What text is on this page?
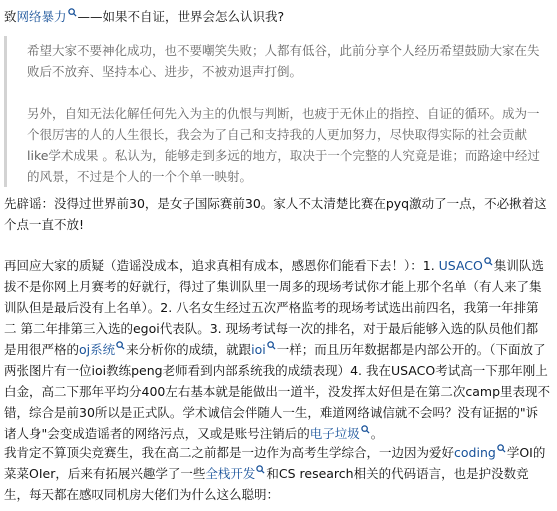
致网络暴力 ——如果不自证，世界会怎么认识我?

希望大家不要神化成功，也不要嘲笑失败；人都有低谷，此前分享个人经历希望鼓励大家在失败后不放弃、坚持本心、进步，不被劝退声打倒。

另外，自知无法化解任何先入为主的仇恨与判断，也疲于无休止的指控、自证的循环。成为一个很厉害的人的人生很长，我会为了自己和支持我的人更加努力，尽快取得实际的社会贡献like学术成果 。私认为，能够走到多远的地方，取决于一个完整的人究竟是谁；而路途中经过的风景，不过是个人的一个个单一映射。

先辟谣：没得过世界前30，是女子国际赛前30。家人不太清楚比赛在pyq激动了一点，不必揪着这个点一直不放!

再回应大家的质疑（造谣没成本，追求真相有成本，感恩你们能看下去！）：1. USACO 集训队选拔不是你网上月赛考的好就行，得过了集训队里一周多的现场考试你才能上那个名单（有人来了集训队但是最后没有上名单）。2. 八名女生经过五次严格监考的现场考试选出前四名，我第一年排第二 第二年排第三入选的egoi代表队。3. 现场考试每一次的排名，对于最后能够入选的队员他们都是用很严格的oj系统 来分析你的成绩，就跟ioi 一样；而且历年数据都是内部公开的。（下面放了两张图片有一位ioi教练peng老师看到内部系统我的成绩表现）4. 我在USACO考试高一下那年刚上白金，高二下那年平均分400左右基本就是能做出一道半，没发挥太好但是在第二次camp里表现不错，综合是前30所以是正式队。学术诚信会伴随人一生，难道网络诚信就不会吗？没有证据的"诉诸人身"会变成造谣者的网络污点，又或是账号注销后的电子垃圾 。

我肯定不算顶尖竞赛生，我在高二之前都是一边作为高考生学综合，一边因为爱好coding 学OI的菜菜OIer，后来有拓展兴趣学了一些全栈开发 和CS research相关的代码语言，也是护没数竞生，每天都在感叹同机房大佬们为什么这么聪明：
